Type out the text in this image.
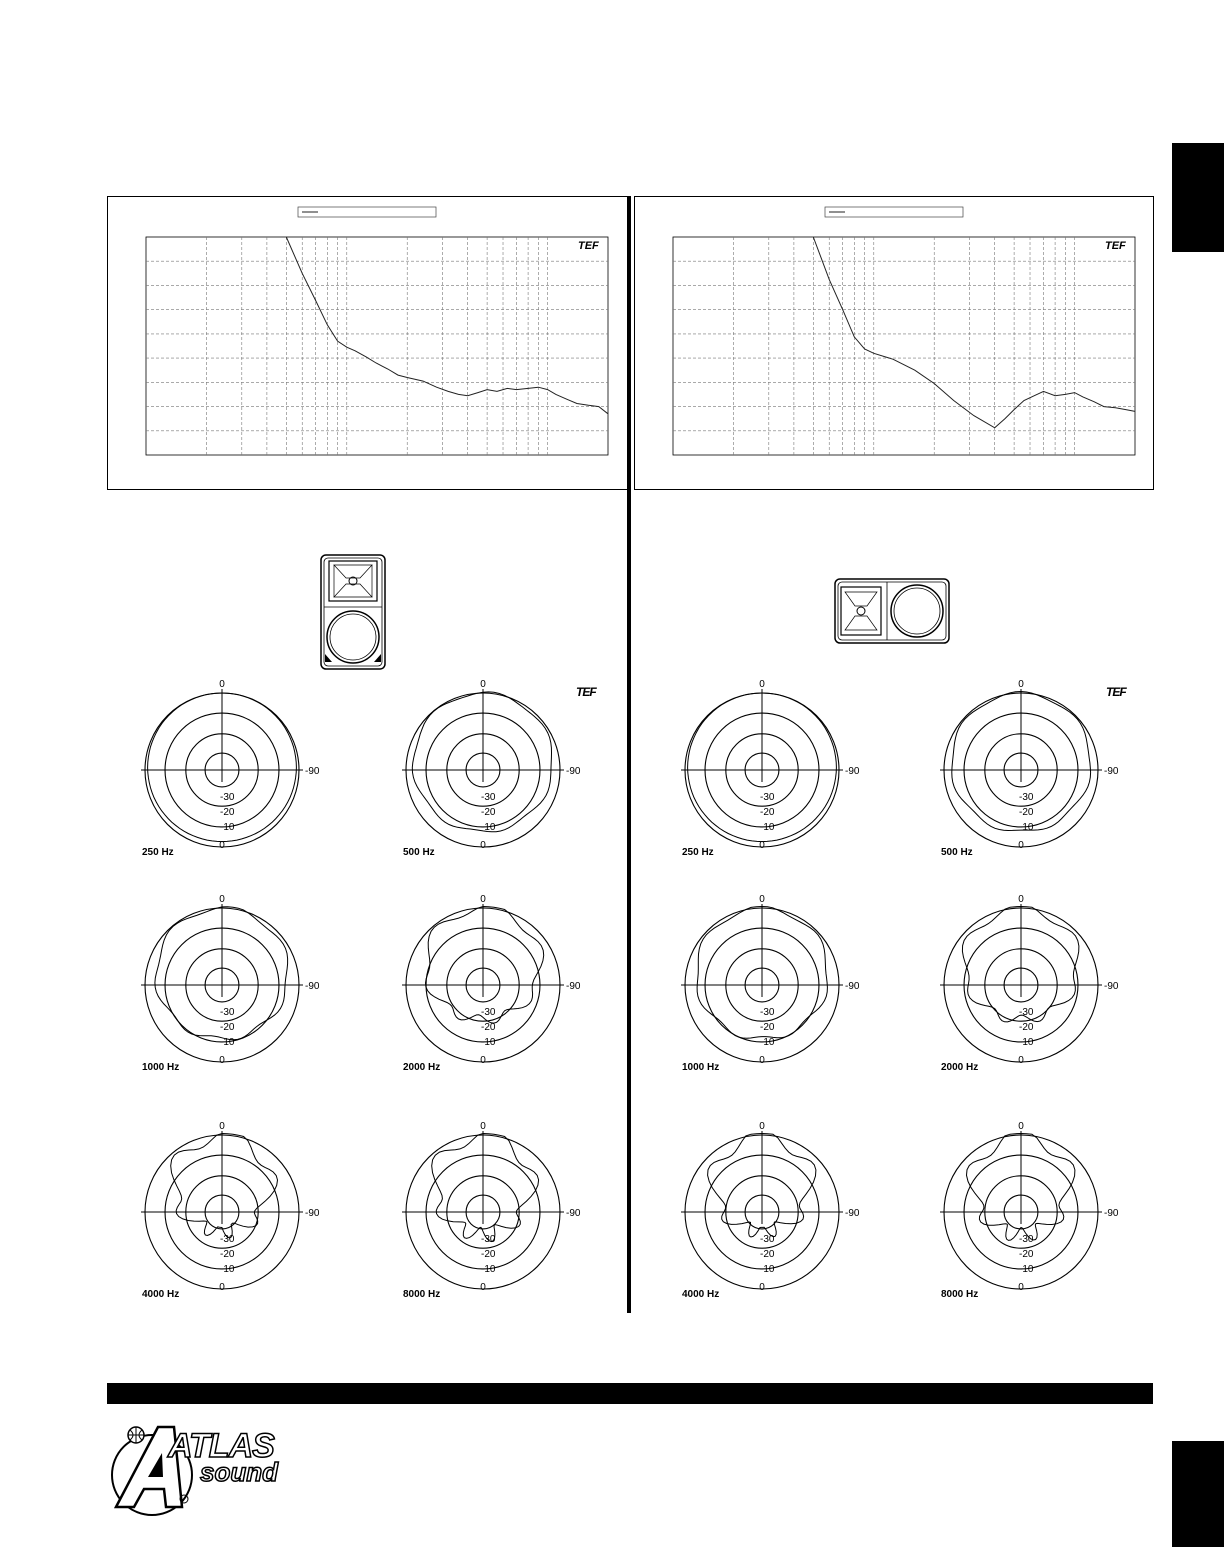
TEF	TEF
TEF	TEF
0
-90
-30
-20
-10
0
250 Hz
0
-90
-30
-20
-10
0
500 Hz
0
-90
-30
-20
-10
0
1000 Hz
0
-90
-30
-20
-10
0
2000 Hz
0
-90
-30
-20
-10
0
4000 Hz
0
-90
-30
-20
-10
0
8000 Hz
0
-90
-30
-20
-10
0
250 Hz
0
-90
-30
-20
-10
0
500 Hz
0
-90
-30
-20
-10
0
1000 Hz
0
-90
-30
-20
-10
0
2000 Hz
0
-90
-30
-20
-10
0
4000 Hz
0
-90
-30
-20
-10
0
8000 Hz
ATLAS
sound
